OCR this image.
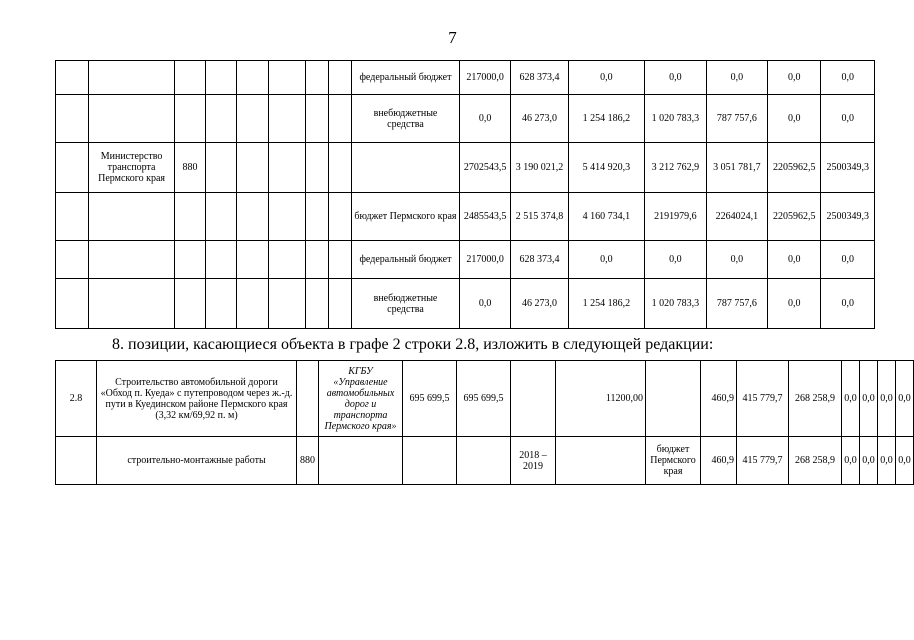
7
								федеральный бюджет	217000,0	628 373,4	0,0	0,0	0,0	0,0	0,0
								внебюджетные средства	0,0	46 273,0	1 254 186,2	1 020 783,3	787 757,6	0,0	0,0
	Министерство транспорта Пермского края	880							2702543,5	3 190 021,2	5 414 920,3	3 212 762,9	3 051 781,7	2205962,5	2500349,3
								бюджет Пермского края	2485543,5	2 515 374,8	4 160 734,1	2191979,6	2264024,1	2205962,5	2500349,3
								федеральный бюджет	217000,0	628 373,4	0,0	0,0	0,0	0,0	0,0
								внебюджетные средства	0,0	46 273,0	1 254 186,2	1 020 783,3	787 757,6	0,0	0,0
8. позиции, касающиеся объекта в графе 2 строки 2.8, изложить в следующей редакции:
2.8	Строительство автомобильной дороги «Обход п. Куеда» с путепроводом через ж.-д. пути в Куединском районе Пермского края (3,32 км/69,92 п. м)		КГБУ «Управление автомобильных дорог и транспорта Пермского края»	695 699,5	695 699,5		11200,00		460,9	415 779,7	268 258,9	0,0	0,0	0,0	0,0
	строительно-монтажные работы	880				2018 – 2019		бюджет Пермского края	460,9	415 779,7	268 258,9	0,0	0,0	0,0	0,0
